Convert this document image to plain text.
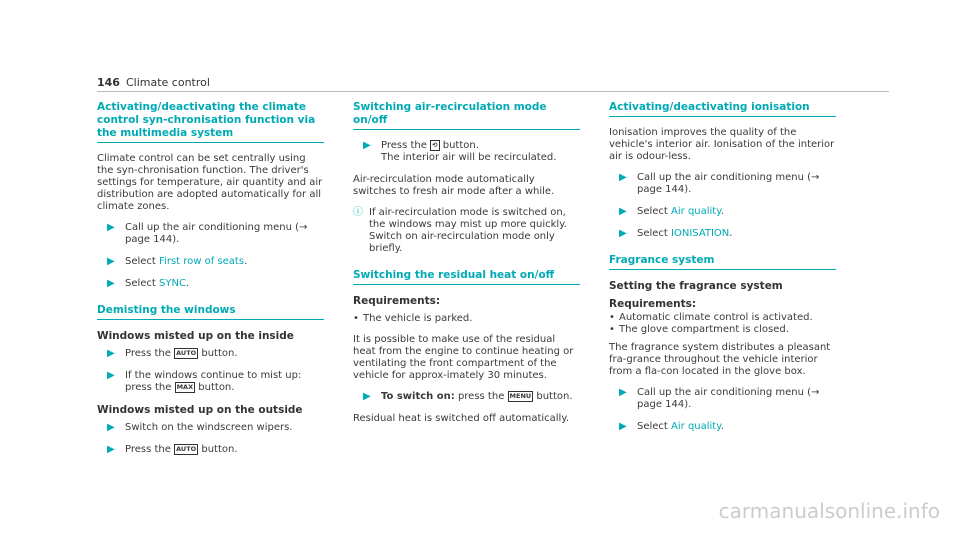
146 Climate control
Activating/deactivating the climate control syn-chronisation function via the multimedia system

Climate control can be set centrally using the syn-chronisation function. The driver's settings for temperature, air quantity and air distribution are adopted automatically for all climate zones.

▶ Call up the air conditioning menu (→ page 144).
▶ Select First row of seats.
▶ Select SYNC.
Demisting the windows
Windows misted up on the inside
▶ Press the AUTO button.
▶ If the windows continue to mist up: press the MAX button.
Windows misted up on the outside
▶ Switch on the windscreen wipers.
▶ Press the AUTO button.
Switching air-recirculation mode on/off
▶ Press the ⟲ button.
The interior air will be recirculated.

Air-recirculation mode automatically switches to fresh air mode after a while.

ⓘ If air-recirculation mode is switched on, the windows may mist up more quickly. Switch on air-recirculation mode only briefly.
Switching the residual heat on/off
Requirements:
• The vehicle is parked.

It is possible to make use of the residual heat from the engine to continue heating or ventilating the front compartment of the vehicle for approx-imately 30 minutes.

▶ To switch on: press the MENU button.

Residual heat is switched off automatically.

Activating/deactivating ionisation

Ionisation improves the quality of the vehicle's interior air. Ionisation of the interior air is odour-less.

▶ Call up the air conditioning menu (→ page 144).
▶ Select Air quality.
▶ Select IONISATION.
Fragrance system
Setting the fragrance system
Requirements:
• Automatic climate control is activated.
• The glove compartment is closed.

The fragrance system distributes a pleasant fra-grance throughout the vehicle interior from a fla-con located in the glove box.

▶ Call up the air conditioning menu (→ page 144).
▶ Select Air quality.
carmanualsonline.info
